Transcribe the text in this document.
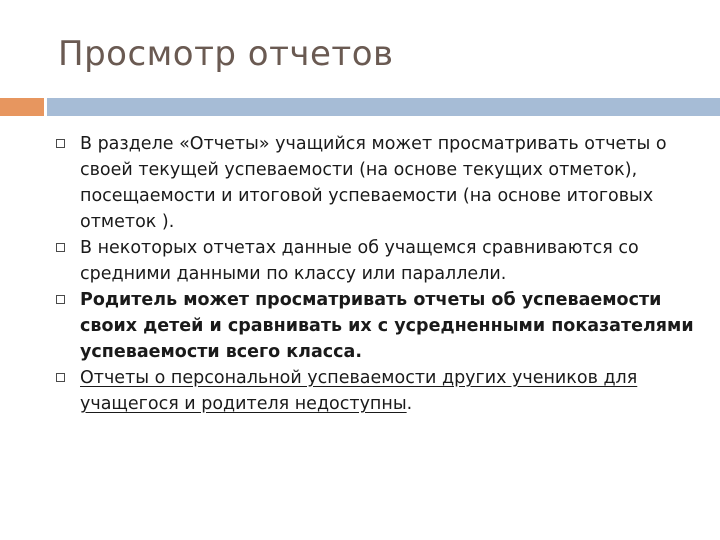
Просмотр отчетов
В разделе «Отчеты» учащийся может просматривать отчеты о своей текущей успеваемости (на основе текущих отметок), посещаемости и итоговой успеваемости (на основе итоговых отметок ).
В некоторых отчетах данные об учащемся сравниваются со средними данными по классу или параллели.
Родитель может просматривать отчеты об успеваемости своих детей и сравнивать их с усредненными показателями успеваемости всего класса.
Отчеты о персональной успеваемости других учеников для учащегося и родителя недоступны.
